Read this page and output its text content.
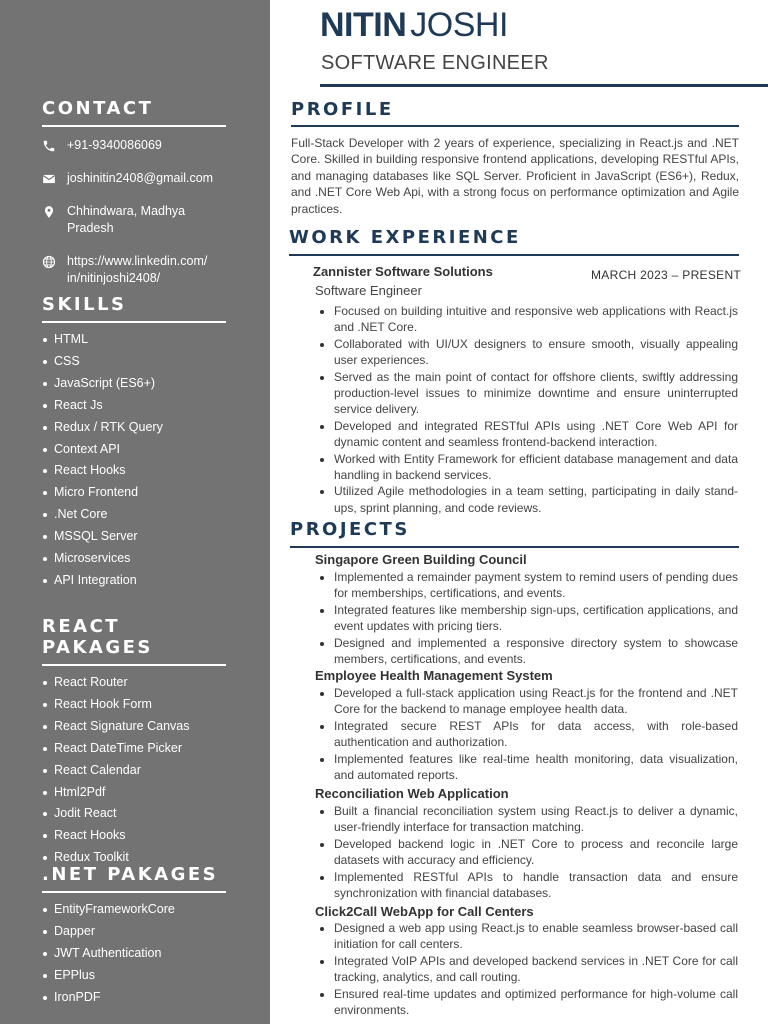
CONTACT
+91-9340086069
joshinitin2408@gmail.com
Chhindwara, Madhya Pradesh
https://www.linkedin.com/
in/nitinjoshi2408/
SKILLS
HTML
CSS
JavaScript (ES6+)
React Js
Redux / RTK Query
Context API
React Hooks
Micro Frontend
.Net Core
MSSQL Server
Microservices
API Integration
REACT PAKAGES
React Router
React Hook Form
React Signature Canvas
React DateTime Picker
React Calendar
Html2Pdf
Jodit React
React Hooks
Redux Toolkit
.NET PAKAGES
EntityFrameworkCore
Dapper
JWT Authentication
EPPlus
IronPDF
NITIN JOSHI
SOFTWARE ENGINEER
PROFILE
Full-Stack Developer with 2 years of experience, specializing in React.js and .NET Core. Skilled in building responsive frontend applications, developing RESTful APIs, and managing databases like SQL Server. Proficient in JavaScript (ES6+), Redux, and .NET Core Web Api, with a strong focus on performance optimization and Agile practices.
WORK EXPERIENCE
Zannister Software Solutions	MARCH 2023 – PRESENT
Software Engineer
Focused on building intuitive and responsive web applications with React.js and .NET Core.
Collaborated with UI/UX designers to ensure smooth, visually appealing user experiences.
Served as the main point of contact for offshore clients, swiftly addressing production-level issues to minimize downtime and ensure uninterrupted service delivery.
Developed and integrated RESTful APIs using .NET Core Web API for dynamic content and seamless frontend-backend interaction.
Worked with Entity Framework for efficient database management and data handling in backend services.
Utilized Agile methodologies in a team setting, participating in daily stand-ups, sprint planning, and code reviews.
PROJECTS
Singapore Green Building Council
Implemented a remainder payment system to remind users of pending dues for memberships, certifications, and events.
Integrated features like membership sign-ups, certification applications, and event updates with pricing tiers.
Designed and implemented a responsive directory system to showcase members, certifications, and events.
Employee Health Management System
Developed a full-stack application using React.js for the frontend and .NET Core for the backend to manage employee health data.
Integrated secure REST APIs for data access, with role-based authentication and authorization.
Implemented features like real-time health monitoring, data visualization, and automated reports.
Reconciliation Web Application
Built a financial reconciliation system using React.js to deliver a dynamic, user-friendly interface for transaction matching.
Developed backend logic in .NET Core to process and reconcile large datasets with accuracy and efficiency.
Implemented RESTful APIs to handle transaction data and ensure synchronization with financial databases.
Click2Call WebApp for Call Centers
Designed a web app using React.js to enable seamless browser-based call initiation for call centers.
Integrated VoIP APIs and developed backend services in .NET Core for call tracking, analytics, and call routing.
Ensured real-time updates and optimized performance for high-volume call environments.
